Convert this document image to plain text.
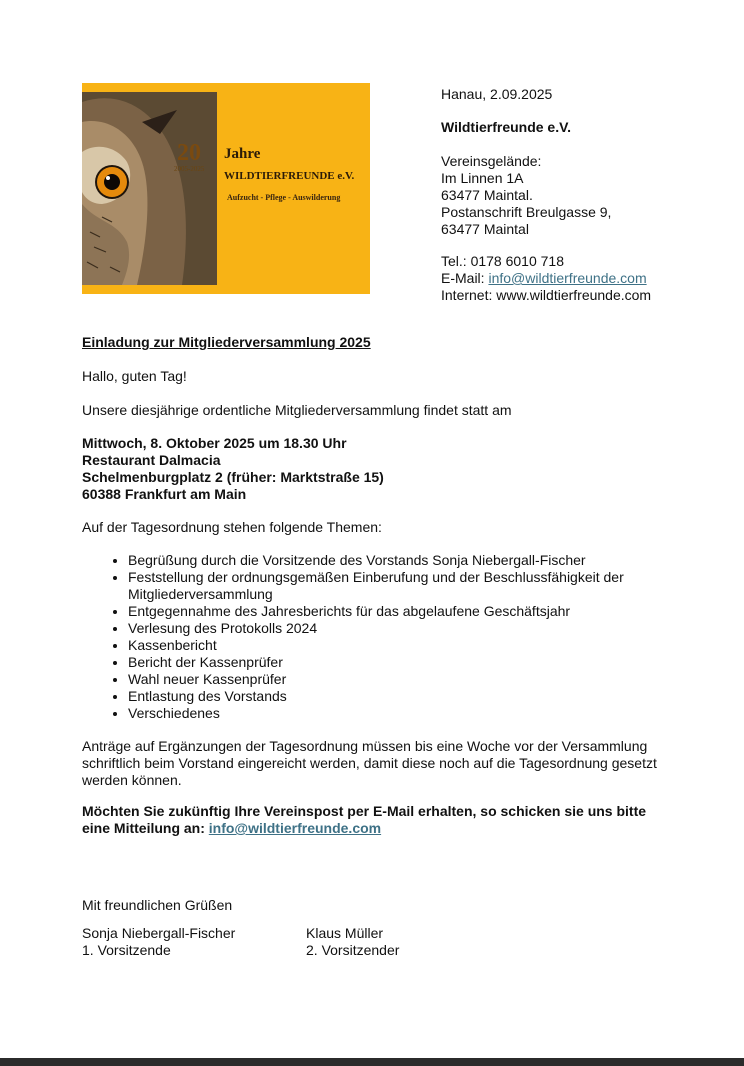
20
2005-2025
Jahre
WILDTIERFREUNDE e.V.
Aufzucht - Pflege - Auswilderung
Hanau, 2.09.2025
Wildtierfreunde e.V.
Vereinsgelände:
Im Linnen 1A
63477 Maintal.
Postanschrift Breulgasse 9,
63477 Maintal
Tel.: 0178 6010 718
E-Mail: info@wildtierfreunde.com
Internet: www.wildtierfreunde.com

Einladung zur Mitgliederversammlung 2025

Hallo, guten Tag!

Unsere diesjährige ordentliche Mitgliederversammlung findet statt am

Mittwoch, 8. Oktober 2025 um 18.30 Uhr

Restaurant Dalmacia

Schelmenburgplatz 2 (früher: Marktstraße 15)

60388 Frankfurt am Main

Auf der Tagesordnung stehen folgende Themen:

• Begrüßung durch die Vorsitzende des Vorstands Sonja Niebergall-Fischer
• Feststellung der ordnungsgemäßen Einberufung und der Beschlussfähigkeit der Mitgliederversammlung
• Entgegennahme des Jahresberichts für das abgelaufene Geschäftsjahr
• Verlesung des Protokolls 2024
• Kassenbericht
• Bericht der Kassenprüfer
• Wahl neuer Kassenprüfer
• Entlastung des Vorstands
• Verschiedenes

Anträge auf Ergänzungen der Tagesordnung müssen bis eine Woche vor der Versammlung schriftlich beim Vorstand eingereicht werden, damit diese noch auf die Tagesordnung gesetzt werden können.

Möchten Sie zukünftig Ihre Vereinspost per E-Mail erhalten, so schicken sie uns bitte eine Mitteilung an: info@wildtierfreunde.com

Mit freundlichen Grüßen

Sonja Niebergall-Fischer

1. Vorsitzende

Klaus Müller

2. Vorsitzender
